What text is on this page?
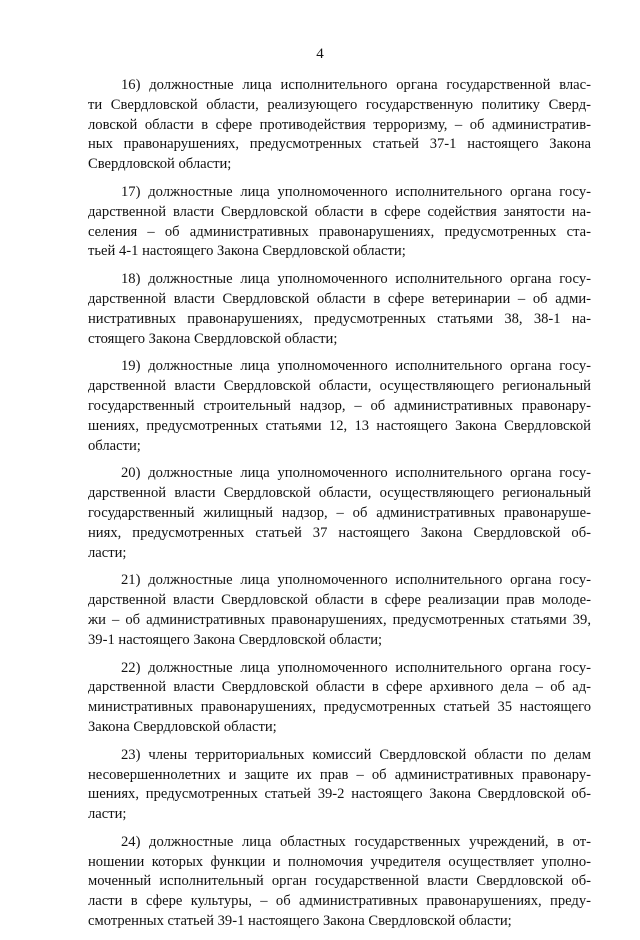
4
16) должностные лица исполнительного органа государственной влас-
ти Свердловской области, реализующего государственную политику Сверд-
ловской области в сфере противодействия терроризму, – об административ-
ных правонарушениях, предусмотренных статьей 37-1 настоящего Закона
Свердловской области;
17) должностные лица уполномоченного исполнительного органа госу-
дарственной власти Свердловской области в сфере содействия занятости на-
селения – об административных правонарушениях, предусмотренных ста-
тьей 4-1 настоящего Закона Свердловской области;
18) должностные лица уполномоченного исполнительного органа госу-
дарственной власти Свердловской области в сфере ветеринарии – об адми-
нистративных правонарушениях, предусмотренных статьями 38, 38-1 на-
стоящего Закона Свердловской области;
19) должностные лица уполномоченного исполнительного органа госу-
дарственной власти Свердловской области, осуществляющего региональный
государственный строительный надзор, – об административных правонару-
шениях, предусмотренных статьями 12, 13 настоящего Закона Свердловской
области;
20) должностные лица уполномоченного исполнительного органа госу-
дарственной власти Свердловской области, осуществляющего региональный
государственный жилищный надзор, – об административных правонаруше-
ниях, предусмотренных статьей 37 настоящего Закона Свердловской об-
ласти;
21) должностные лица уполномоченного исполнительного органа госу-
дарственной власти Свердловской области в сфере реализации прав молоде-
жи – об административных правонарушениях, предусмотренных статьями 39,
39-1 настоящего Закона Свердловской области;
22) должностные лица уполномоченного исполнительного органа госу-
дарственной власти Свердловской области в сфере архивного дела – об ад-
министративных правонарушениях, предусмотренных статьей 35 настоящего
Закона Свердловской области;
23) члены территориальных комиссий Свердловской области по делам
несовершеннолетних и защите их прав – об административных правонару-
шениях, предусмотренных статьей 39-2 настоящего Закона Свердловской об-
ласти;
24) должностные лица областных государственных учреждений, в от-
ношении которых функции и полномочия учредителя осуществляет уполно-
моченный исполнительный орган государственной власти Свердловской об-
ласти в сфере культуры, – об административных правонарушениях, преду-
смотренных статьей 39-1 настоящего Закона Свердловской области;
